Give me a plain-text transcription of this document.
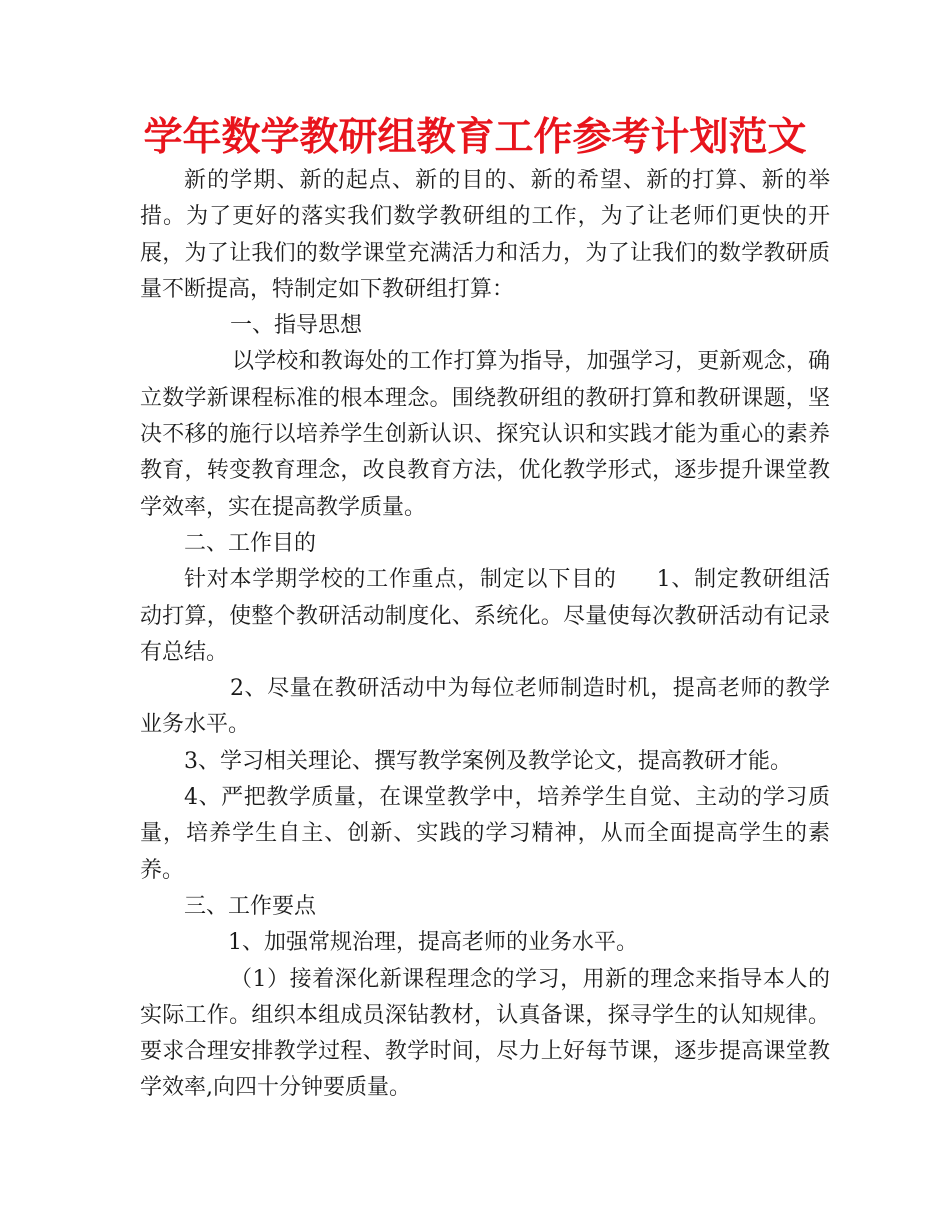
学年数学教研组教育工作参考计划范文

新的学期、新的起点、新的目的、新的希望、新的打算、新的举措。为了更好的落实我们数学教研组的工作，为了让老师们更快的开展，为了让我们的数学课堂充满活力和活力，为了让我们的数学教研质量不断提高，特制定如下教研组打算：

一、指导思想

以学校和教诲处的工作打算为指导，加强学习，更新观念，确立数学新课程标准的根本理念。围绕教研组的教研打算和教研课题，坚决不移的施行以培养学生创新认识、探究认识和实践才能为重心的素养教育，转变教育理念，改良教育方法，优化教学形式，逐步提升课堂教学效率，实在提高教学质量。

二、工作目的

针对本学期学校的工作重点，制定以下目的 1、制定教研组活动打算，使整个教研活动制度化、系统化。尽量使每次教研活动有记录有总结。

2、尽量在教研活动中为每位老师制造时机，提高老师的教学业务水平。

3、学习相关理论、撰写教学案例及教学论文，提高教研才能。

4、严把教学质量，在课堂教学中，培养学生自觉、主动的学习质量，培养学生自主、创新、实践的学习精神，从而全面提高学生的素养。

三、工作要点

1、加强常规治理，提高老师的业务水平。

（1）接着深化新课程理念的学习，用新的理念来指导本人的实际工作。组织本组成员深钻教材，认真备课，探寻学生的认知规律。要求合理安排教学过程、教学时间，尽力上好每节课，逐步提高课堂教学效率,向四十分钟要质量。
